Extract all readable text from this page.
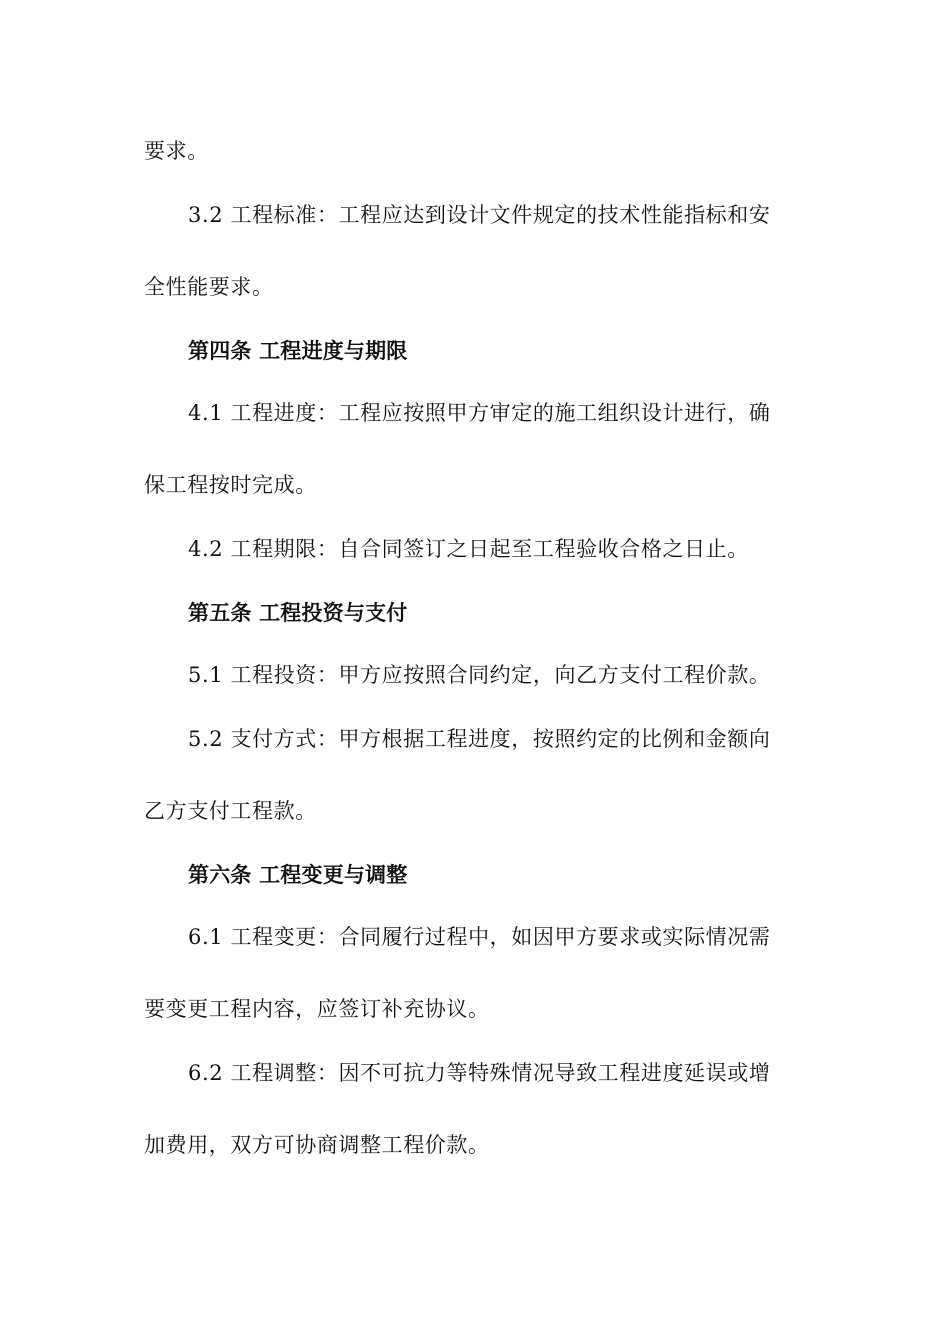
要求。
3.2 工程标准：工程应达到设计文件规定的技术性能指标和安
全性能要求。
第四条 工程进度与期限
4.1 工程进度：工程应按照甲方审定的施工组织设计进行，确
保工程按时完成。
4.2 工程期限：自合同签订之日起至工程验收合格之日止。
第五条 工程投资与支付
5.1 工程投资：甲方应按照合同约定，向乙方支付工程价款。
5.2 支付方式：甲方根据工程进度，按照约定的比例和金额向
乙方支付工程款。
第六条 工程变更与调整
6.1 工程变更：合同履行过程中，如因甲方要求或实际情况需
要变更工程内容，应签订补充协议。
6.2 工程调整：因不可抗力等特殊情况导致工程进度延误或增
加费用，双方可协商调整工程价款。
